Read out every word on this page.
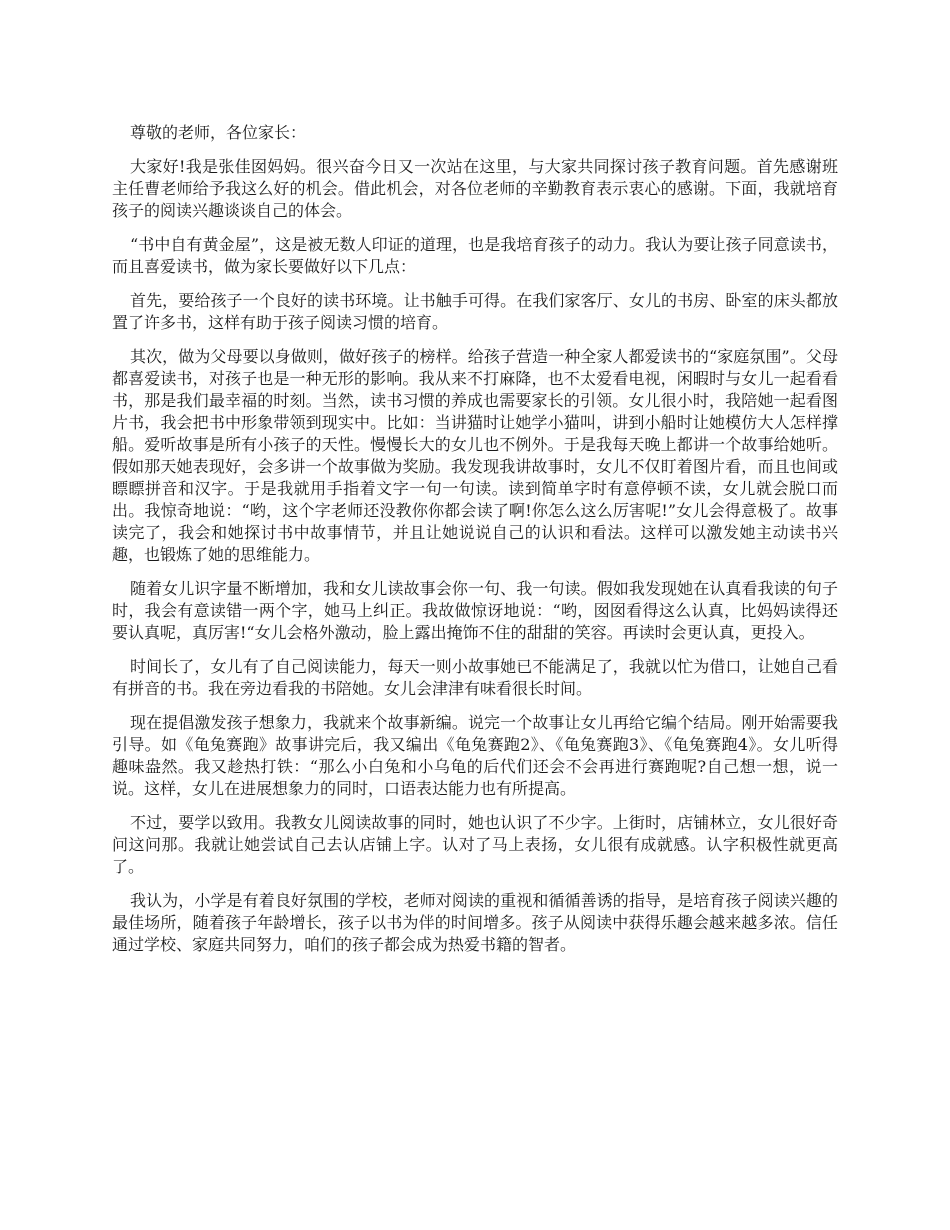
尊敬的老师，各位家长：

大家好!我是张佳囡妈妈。很兴奋今日又一次站在这里，与大家共同探讨孩子教育问题。首先感谢班主任曹老师给予我这么好的机会。借此机会，对各位老师的辛勤教育表示衷心的感谢。下面，我就培育孩子的阅读兴趣谈谈自己的体会。

“书中自有黄金屋”，这是被无数人印证的道理，也是我培育孩子的动力。我认为要让孩子同意读书，而且喜爱读书，做为家长要做好以下几点：

首先，要给孩子一个良好的读书环境。让书触手可得。在我们家客厅、女儿的书房、卧室的床头都放置了许多书，这样有助于孩子阅读习惯的培育。

其次，做为父母要以身做则，做好孩子的榜样。给孩子营造一种全家人都爱读书的“家庭氛围”。父母都喜爱读书，对孩子也是一种无形的影响。我从来不打麻降，也不太爱看电视，闲暇时与女儿一起看看书，那是我们最幸福的时刻。当然，读书习惯的养成也需要家长的引领。女儿很小时，我陪她一起看图片书，我会把书中形象带领到现实中。比如：当讲猫时让她学小猫叫，讲到小船时让她模仿大人怎样撑船。爱听故事是所有小孩子的天性。慢慢长大的女儿也不例外。于是我每天晚上都讲一个故事给她听。假如那天她表现好，会多讲一个故事做为奖励。我发现我讲故事时，女儿不仅盯着图片看，而且也间或瞟瞟拼音和汉字。于是我就用手指着文字一句一句读。读到简单字时有意停顿不读，女儿就会脱口而出。我惊奇地说：“哟，这个字老师还没教你你都会读了啊!你怎么这么厉害呢!”女儿会得意极了。故事读完了，我会和她探讨书中故事情节，并且让她说说自己的认识和看法。这样可以激发她主动读书兴趣，也锻炼了她的思维能力。

随着女儿识字量不断增加，我和女儿读故事会你一句、我一句读。假如我发现她在认真看我读的句子时，我会有意读错一两个字，她马上纠正。我故做惊讶地说：“哟，囡囡看得这么认真，比妈妈读得还要认真呢，真厉害!“女儿会格外激动，脸上露出掩饰不住的甜甜的笑容。再读时会更认真，更投入。

时间长了，女儿有了自己阅读能力，每天一则小故事她已不能满足了，我就以忙为借口，让她自己看有拼音的书。我在旁边看我的书陪她。女儿会津津有味看很长时间。

现在提倡激发孩子想象力，我就来个故事新编。说完一个故事让女儿再给它编个结局。刚开始需要我引导。如《龟兔赛跑》故事讲完后，我又编出《龟兔赛跑2》、《龟兔赛跑3》、《龟兔赛跑4》。女儿听得趣味盎然。我又趁热打铁：“那么小白兔和小乌龟的后代们还会不会再进行赛跑呢?自己想一想，说一说。这样，女儿在进展想象力的同时，口语表达能力也有所提高。

不过，要学以致用。我教女儿阅读故事的同时，她也认识了不少字。上街时，店铺林立，女儿很好奇问这问那。我就让她尝试自己去认店铺上字。认对了马上表扬，女儿很有成就感。认字积极性就更高了。

我认为，小学是有着良好氛围的学校，老师对阅读的重视和循循善诱的指导，是培育孩子阅读兴趣的最佳场所，随着孩子年龄增长，孩子以书为伴的时间增多。孩子从阅读中获得乐趣会越来越多浓。信任通过学校、家庭共同努力，咱们的孩子都会成为热爱书籍的智者。
